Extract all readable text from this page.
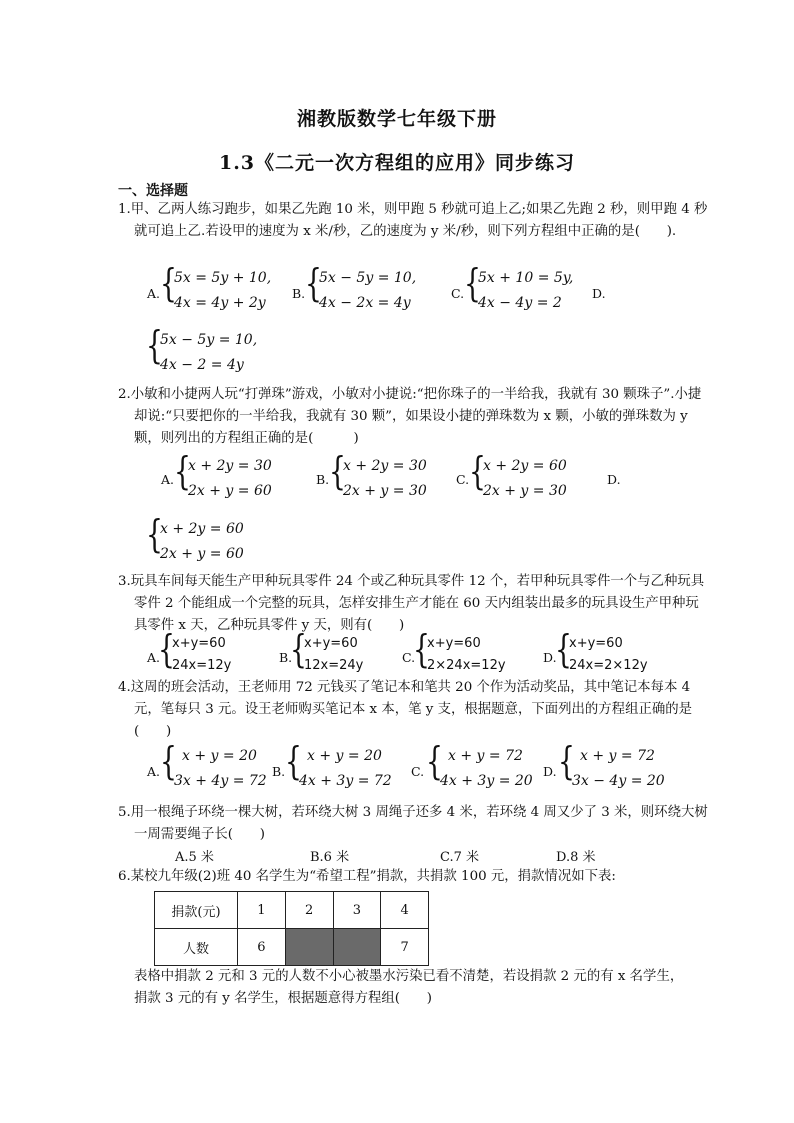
湘教版数学七年级下册
1.3《二元一次方程组的应用》同步练习
一、选择题
1.甲、乙两人练习跑步，如果乙先跑 10 米，则甲跑 5 秒就可追上乙;如果乙先跑 2 秒，则甲跑 4 秒就可追上乙.若设甲的速度为 x 米/秒，乙的速度为 y 米/秒，则下列方程组中正确的是(　　).
A. {
5x = 5y + 10,
4x = 4y + 2y
B. {
5x − 5y = 10,
4x − 2x = 4y
C. {
5x + 10 = 5y,
4x − 4y = 2
D.
{
5x − 5y = 10,
4x − 2 = 4y
2.小敏和小捷两人玩“打弹珠”游戏，小敏对小捷说:“把你珠子的一半给我，我就有 30 颗珠子”.小捷却说:“只要把你的一半给我，我就有 30 颗”，如果设小捷的弹珠数为 x 颗，小敏的弹珠数为 y 颗，则列出的方程组正确的是(　　　)
A. {
x + 2y = 30
2x + y = 60
B. {
x + 2y = 30
2x + y = 30
C. {
x + 2y = 60
2x + y = 30
D.
{
x + 2y = 60
2x + y = 60
3.玩具车间每天能生产甲种玩具零件 24 个或乙种玩具零件 12 个，若甲种玩具零件一个与乙种玩具零件 2 个能组成一个完整的玩具，怎样安排生产才能在 60 天内组装出最多的玩具设生产甲种玩具零件 x 天，乙种玩具零件 y 天，则有(　　)
A.
{
x+y=60
24x=12y
B.
{
x+y=60
12x=24y
C.
{
x+y=60
2×24x=12y
D.
{
x+y=60
24x=2×12y
4.这周的班会活动，王老师用 72 元钱买了笔记本和笔共 20 个作为活动奖品，其中笔记本每本 4 元，笔每只 3 元。设王老师购买笔记本 x 本，笔 y 支，根据题意，下面列出的方程组正确的是(　　)
A. { x + y = 20
3x + 4y = 72
B. { x + y = 20
4x + 3y = 72
C. { x + y = 72
4x + 3y = 20
D. { x + y = 72
3x − 4y = 20
5.用一根绳子环绕一棵大树，若环绕大树 3 周绳子还多 4 米，若环绕 4 周又少了 3 米，则环绕大树一周需要绳子长(　　)
A.5 米	B.6 米	C.7 米	D.8 米
6.某校九年级(2)班 40 名学生为“希望工程”捐款，共捐款 100 元，捐款情况如下表:
捐款(元)	1	2	3	4
人数	6			7
表格中捐款 2 元和 3 元的人数不小心被墨水污染已看不清楚，若设捐款 2 元的有 x 名学生，捐款 3 元的有 y 名学生，根据题意得方程组(　　)
